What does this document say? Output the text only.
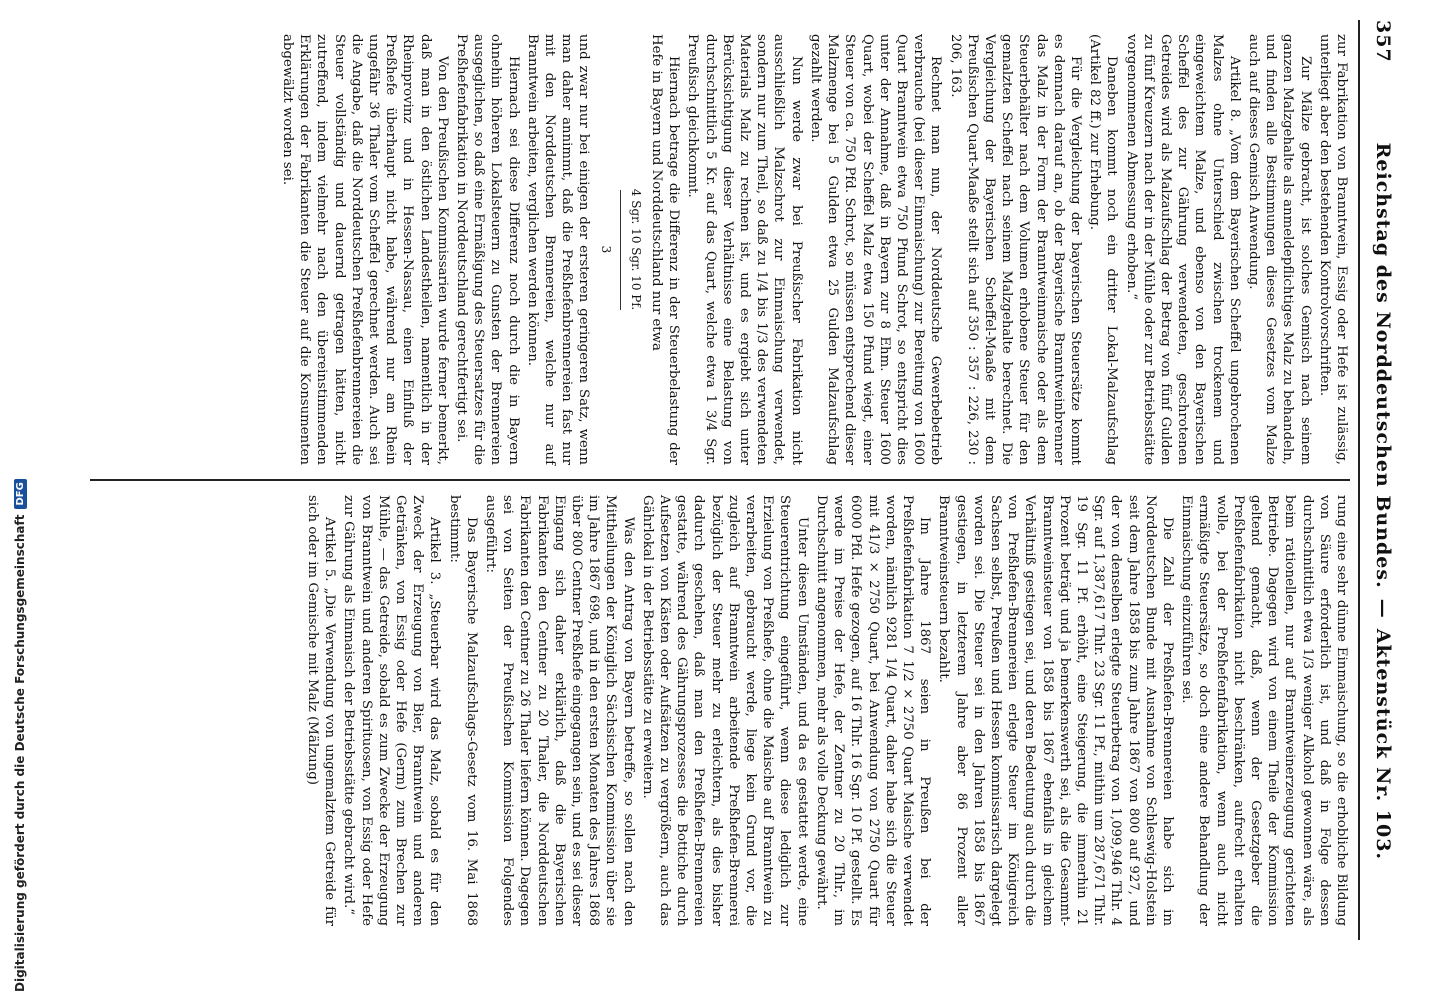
Digitalisierung gefördert durch die Deutsche Forschungsgemeinschaft
DFG
357
Reichstag des Norddeutschen Bundes.—Aktenstück Nr. 103.

zur Fabrikation von Branntwein, Essig oder Hefe ist zulässig, unterliegt aber den bestehenden Kontrolvorschriften.

Zur Mälze gebracht, ist solches Gemisch nach seinem ganzen Malzgehalte als anmeldepflichtiges Malz zu behandeln, und finden alle Bestimmungen dieses Gesetzes vom Malze auch auf dieses Gemisch Anwendung.

Artikel 8. „Vom dem Bayerischen Scheffel ungebrochenen Malzes ohne Unterschied zwischen trockenem und eingeweichtem Malze, und ebenso von den Bayerischen Scheffel des zur Gährung verwendeten, geschrotenen Getreides wird als Malzaufschlag der Betrag von fünf Gulden zu fünf Kreuzern nach der in der Mühle oder zur Betriebsstätte vorgenommenen Abmessung erhoben.“

Daneben kommt noch ein dritter Lokal-Malzaufschlag (Artikel 82 ff.) zur Erhebung.

Für die Vergleichung der bayerischen Steuersätze kommt es demnach darauf an, ob der Bayerische Branntweinbrenner das Malz in der Form der Branntweinmaische oder als dem Steuerbehälter nach dem Volumen erhobene Steuer für den gemalzten Scheffel nach seinem Malzgehalte berechnet. Die Vergleichung der Bayerischen Scheffel-Maaße mit dem Preußischen Quart-Maaße stellt sich auf 350 : 357 : 226, 230 : 206, 163.

Rechnet man nun, der Norddeutsche Gewerbebetrieb verbrauche (bei dieser Einmaischung) zur Bereitung von 1600 Quart Branntwein etwa 750 Pfund Schrot, so entspricht dies unter der Annahme, daß in Bayern zur 8 Ehm. Steuer 1600 Quart, wobei der Scheffel Malz etwa 150 Pfund wiegt, einer Steuer von ca. 750 Pfd. Schrot, so müssen entsprechend dieser Malzmenge bei 5 Gulden etwa 25 Gulden Malzaufschlag gezahlt werden.

Nun werde zwar bei Preußischer Fabrikation nicht ausschließlich Malzschrot zur Einmaischung verwendet, sondern nur zum Theil, so daß zu 1/4 bis 1/3 des verwendeten Materials Malz zu rechnen ist, und es ergiebt sich unter Berücksichtigung dieser Verhältnisse eine Belastung von durchschnittlich 5 Kr. auf das Quart, welche etwa 1 3/4 Sgr. Preußisch gleichkommt.

Hiernach betrage die Differenz in der Steuerbelastung der Hefe in Bayern und Norddeutschland nur etwa

4 Sgr. 10 Sgr. 10 Pf.
3

und zwar nur bei einigen der ersteren geringeren Satz, wenn man daher annimmt, daß die Preßhefenbrennereien fast nur mit den Norddeutschen Brennereien, welche nur auf Branntwein arbeiten, verglichen werden können.

Hiernach sei diese Differenz noch durch die in Bayern ohnehin höheren Lokalsteuern zu Gunsten der Brennereien ausgeglichen, so daß eine Ermäßigung des Steuersatzes für die Preßhefenfabrikation in Norddeutschland gerechtfertigt sei.

Von den Preußischen Kommissarien wurde ferner bemerkt, daß man in den östlichen Landestheilen, namentlich in der Rheinprovinz und in Hessen-Nassau, einen Einfluß der Preßhefe überhaupt nicht habe, während nur am Rhein ungefähr 36 Thaler vom Scheffel gerechnet werden. Auch sei die Angabe, daß die Norddeutschen Preßhefenbrennereien die Steuer vollständig und dauernd getragen hätten, nicht zutreffend, indem vielmehr nach den übereinstimmenden Erklärungen der Fabrikanten die Steuer auf die Konsumenten abgewälzt worden sei.

rung eine sehr dünne Einmaischung, so die erhobliche Bildung von Säure erforderlich ist, und daß in Folge dessen durchschnittlich etwa 1/3 weniger Alkohol gewonnen wäre, als beim rationellen, nur auf Branntweinerzeugung gerichteten Betriebe. Dagegen wird von einem Theile der Kommission geltend gemacht, daß, wenn der Gesetzgeber die Preßhefenfabrikation nicht beschränken, aufrecht erhalten wolle, bei der Preßhefenfabrikation, wenn auch nicht ermäßigte Steuersätze, so doch eine andere Behandlung der Einmaischung einzuführen sei.

Die Zahl der Preßhefen-Brennereien habe sich im Norddeutschen Bunde mit Ausnahme von Schleswig-Holstein seit dem Jahre 1858 bis zum Jahre 1867 von 800 auf 927, und der von denselben erlegte Steuerbetrag von 1,099,946 Thlr. 4 Sgr. auf 1,387,617 Thlr. 23 Sgr. 11 Pf., mithin um 287,671 Thlr. 19 Sgr. 11 Pf. erhöht, eine Steigerung, die immerhin 21 Prozent beträgt und ja bemerkenswerth sei, als die Gesammt-Branntweinsteuer von 1858 bis 1867 ebenfalls in gleichem Verhältniß gestiegen sei, und deren Bedeutung auch durch die von Preßhefen-Brennereien erlegte Steuer im Königreich Sachsen selbst, Preußen und Hessen kommissarisch dargelegt worden sei. Die Steuer sei in den Jahren 1858 bis 1867 gestiegen, in letzterem Jahre aber 86 Prozent aller Branntweinsteuern bezahlt.

Im Jahre 1867 seien in Preußen bei der Preßhefenfabrikation 7 1/2 × 2750 Quart Maische verwendet worden, nämlich 9281 1/4 Quart, daher habe sich die Steuer mit 41/3 × 2750 Quart, bei Anwendung von 2750 Quart für 6000 Pfd. Hefe gezogen, auf 16 Thlr. 16 Sgr. 10 Pf. gestellt. Es werde im Preise der Hefe, der Zentner zu 20 Thlr., im Durchschnitt angenommen, mehr als volle Deckung gewährt.

Unter diesen Umständen, und da es gestattet werde, eine Steuerentrichtung eingeführt, wenn diese lediglich zur Erzielung von Preßhefe, ohne die Maische auf Branntwein zu verarbeiten, gebraucht werde, liege kein Grund vor, die zugleich auf Branntwein arbeitende Preßhefen-Brennerei bezüglich der Steuer mehr zu erleichtern, als dies bisher dadurch geschehen, daß man den Preßhefen-Brennereien gestatte, während des Gährungsprozesses die Bottiche durch Aufsetzen von Kästen oder Aufsätzen zu vergrößern, auch das Gährlokal in der Betriebsstätte zu erweitern.

Was den Antrag von Bayern betreffe, so sollen nach den Mittheilungen der Königlich Sächsischen Kommission über sie im Jahre 1867 698, und in den ersten Monaten des Jahres 1868 über 800 Centner Preßhefe eingegangen sein, und es sei dieser Eingang sich daher erklärlich, daß die Bayerischen Fabrikanten den Centner zu 20 Thaler, die Norddeutschen Fabrikanten den Centner zu 26 Thaler liefern können. Dagegen sei von Seiten der Preußischen Kommission Folgendes ausgeführt:

Das Bayerische Malzaufschlags-Gesetz vom 16. Mai 1868 bestimmt:

Artikel 3. „Steuerbar wird das Malz, sobald es für den Zweck der Erzeugung von Bier, Branntwein und anderen Getränken, von Essig oder Hefe (Germ) zum Brechen zur Mühle, — das Getreide, sobald es zum Zwecke der Erzeugung von Branntwein und anderen Spirituosen, von Essig oder Hefe zur Gährung als Einmaisch der Betriebsstätte gebracht wird.“

Artikel 5. „Die Verwendung von ungemalztem Getreide für sich oder im Gemische mit Malz (Mälzung)
